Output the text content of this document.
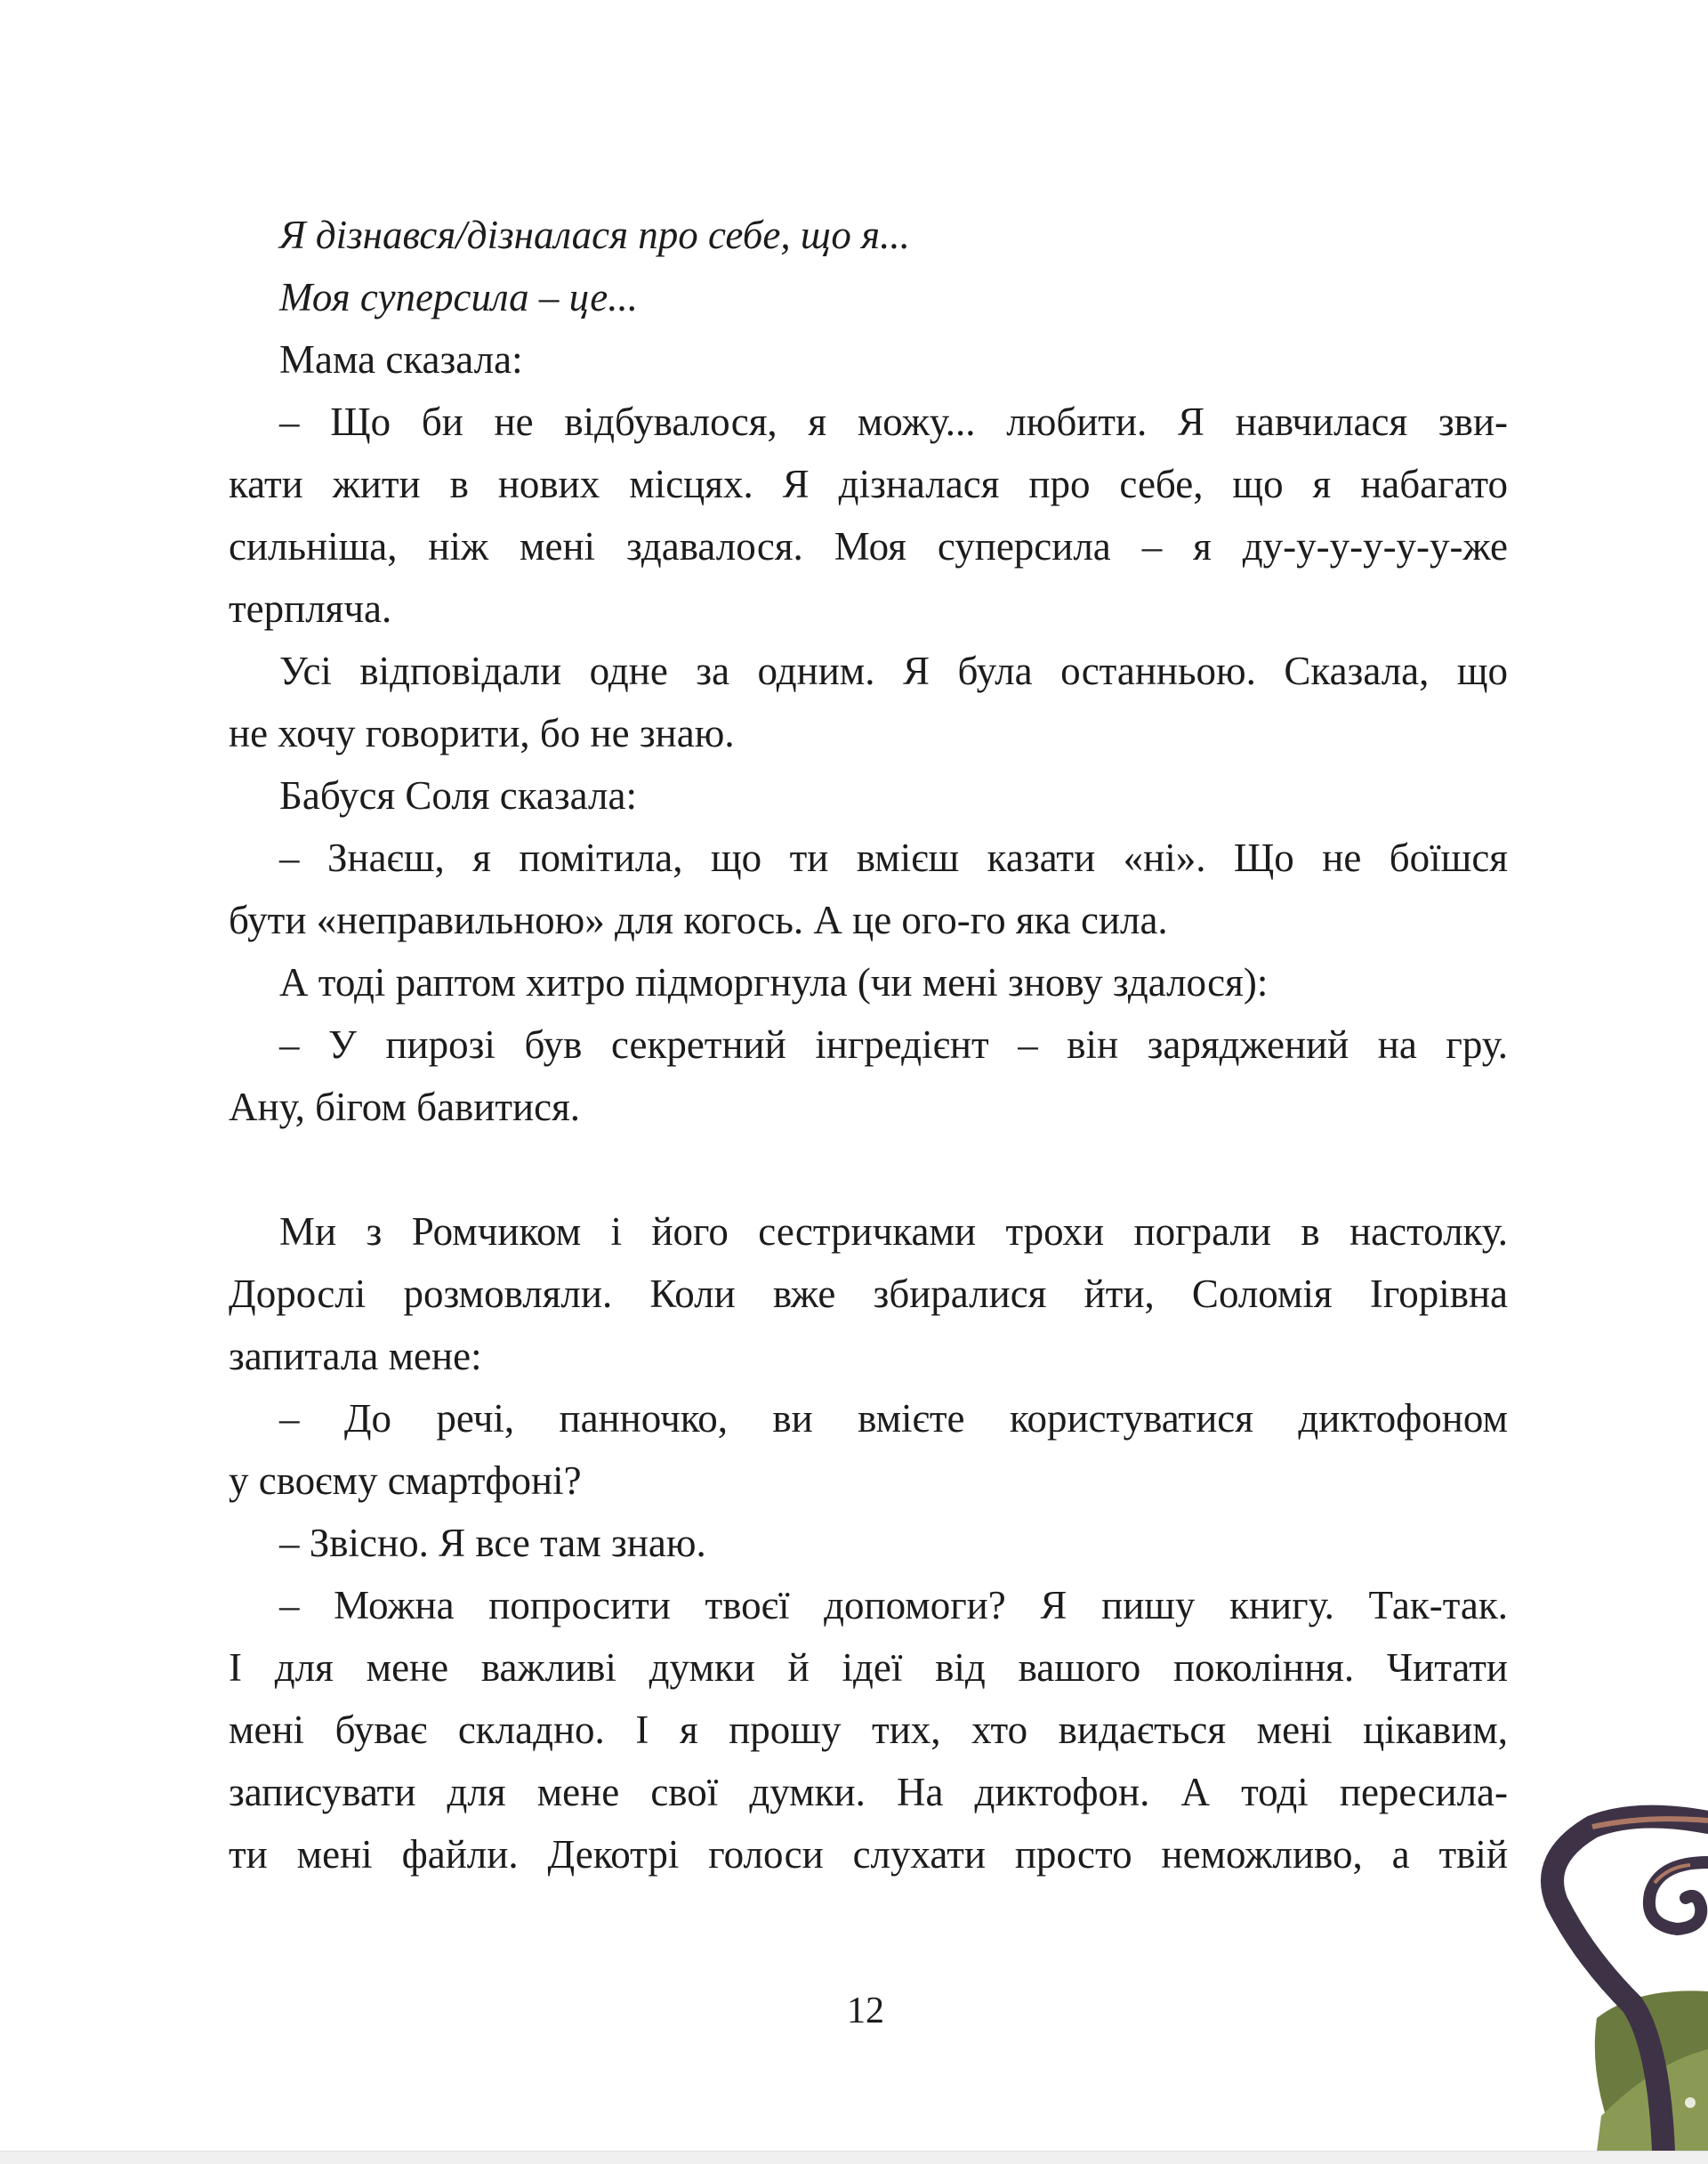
Я дізнався/дізналася про себе, що я...
Моя суперсила – це...
Мама сказала:
– Що би не відбувалося, я можу... любити. Я навчилася зви-
кати жити в нових місцях. Я дізналася про себе, що я набагато
сильніша, ніж мені здавалося. Моя суперсила – я ду-у-у-у-у-у-же
терпляча.
Усі відповідали одне за одним. Я була останньою. Сказала, що
не хочу говорити, бо не знаю.
Бабуся Соля сказала:
– Знаєш, я помітила, що ти вмієш казати «ні». Що не боїшся
бути «неправильною» для когось. А це ого-го яка сила.
А тоді раптом хитро підморгнула (чи мені знову здалося):
– У пирозі був секретний інгредієнт – він заряджений на гру.
Ану, бігом бавитися.
Ми з Ромчиком і його сестричками трохи пограли в настолку.
Дорослі розмовляли. Коли вже збиралися йти, Соломія Ігорівна
запитала мене:
– До речі, панночко, ви вмієте користуватися диктофоном
у своєму смартфоні?
– Звісно. Я все там знаю.
– Можна попросити твоєї допомоги? Я пишу книгу. Так-так.
І для мене важливі думки й ідеї від вашого покоління. Читати
мені буває складно. І я прошу тих, хто видається мені цікавим,
записувати для мене свої думки. На диктофон. А тоді пересила-
ти мені файли. Декотрі голоси слухати просто неможливо, а твій
12
